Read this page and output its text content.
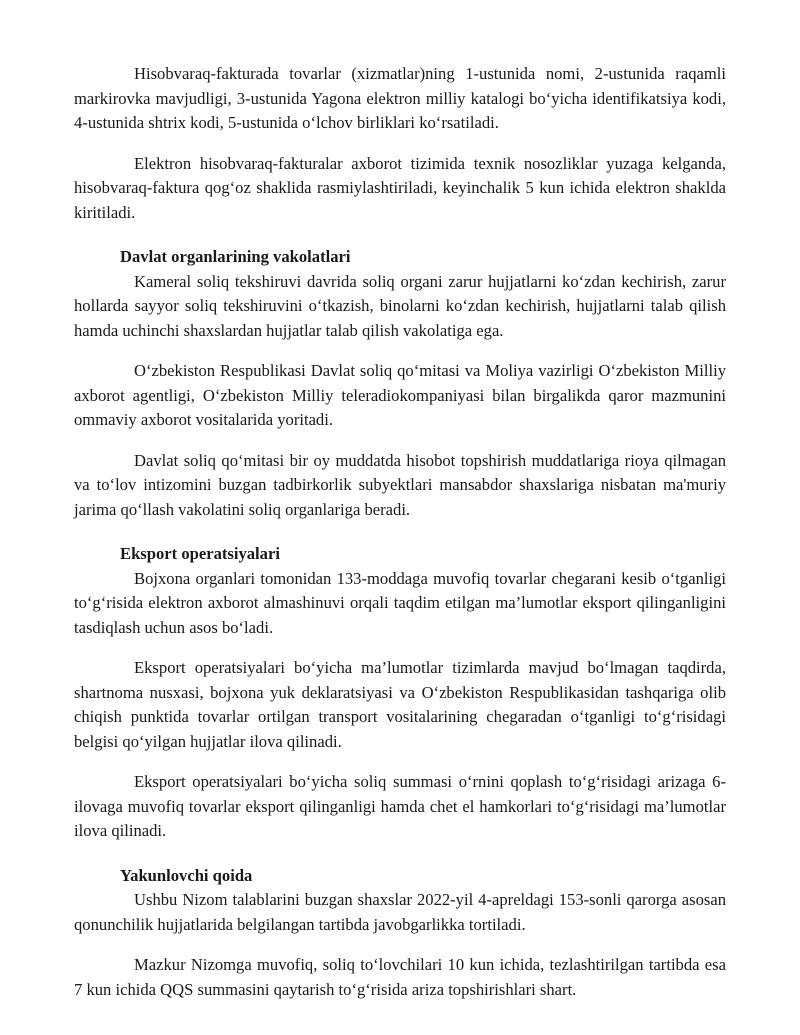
Hisobvaraq-fakturada tovarlar (xizmatlar)ning 1-ustunida nomi, 2-ustunida raqamli markirovka mavjudligi, 3-ustunida Yagona elektron milliy katalogi bo‘yicha identifikatsiya kodi, 4-ustunida shtrix kodi, 5-ustunida o‘lchov birliklari ko‘rsatiladi.

Elektron hisobvaraq-fakturalar axborot tizimida texnik nosozliklar yuzaga kelganda, hisobvaraq-faktura qog‘oz shaklida rasmiylashtiriladi, keyinchalik 5 kun ichida elektron shaklda kiritiladi.

Davlat organlarining vakolatlari

Kameral soliq tekshiruvi davrida soliq organi zarur hujjatlarni ko‘zdan kechirish, zarur hollarda sayyor soliq tekshiruvini o‘tkazish, binolarni ko‘zdan kechirish, hujjatlarni talab qilish hamda uchinchi shaxslardan hujjatlar talab qilish vakolatiga ega.

O‘zbekiston Respublikasi Davlat soliq qo‘mitasi va Moliya vazirligi O‘zbekiston Milliy axborot agentligi, O‘zbekiston Milliy teleradiokompaniyasi bilan birgalikda qaror mazmunini ommaviy axborot vositalarida yoritadi.

Davlat soliq qo‘mitasi bir oy muddatda hisobot topshirish muddatlariga rioya qilmagan va to‘lov intizomini buzgan tadbirkorlik subyektlari mansabdor shaxslariga nisbatan ma'muriy jarima qo‘llash vakolatini soliq organlariga beradi.

Eksport operatsiyalari

Bojxona organlari tomonidan 133-moddaga muvofiq tovarlar chegarani kesib o‘tganligi to‘g‘risida elektron axborot almashinuvi orqali taqdim etilgan ma’lumotlar eksport qilinganligini tasdiqlash uchun asos bo‘ladi.

Eksport operatsiyalari bo‘yicha ma’lumotlar tizimlarda mavjud bo‘lmagan taqdirda, shartnoma nusxasi, bojxona yuk deklaratsiyasi va O‘zbekiston Respublikasidan tashqariga olib chiqish punktida tovarlar ortilgan transport vositalarining chegaradan o‘tganligi to‘g‘risidagi belgisi qo‘yilgan hujjatlar ilova qilinadi.

Eksport operatsiyalari bo‘yicha soliq summasi o‘rnini qoplash to‘g‘risidagi arizaga 6-ilovaga muvofiq tovarlar eksport qilinganligi hamda chet el hamkorlari to‘g‘risidagi ma’lumotlar ilova qilinadi.

Yakunlovchi qoida

Ushbu Nizom talablarini buzgan shaxslar 2022-yil 4-apreldagi 153-sonli qarorga asosan qonunchilik hujjatlarida belgilangan tartibda javobgarlikka tortiladi.

Mazkur Nizomga muvofiq, soliq to‘lovchilari 10 kun ichida, tezlashtirilgan tartibda esa 7 kun ichida QQS summasini qaytarish to‘g‘risida ariza topshirishlari shart.
